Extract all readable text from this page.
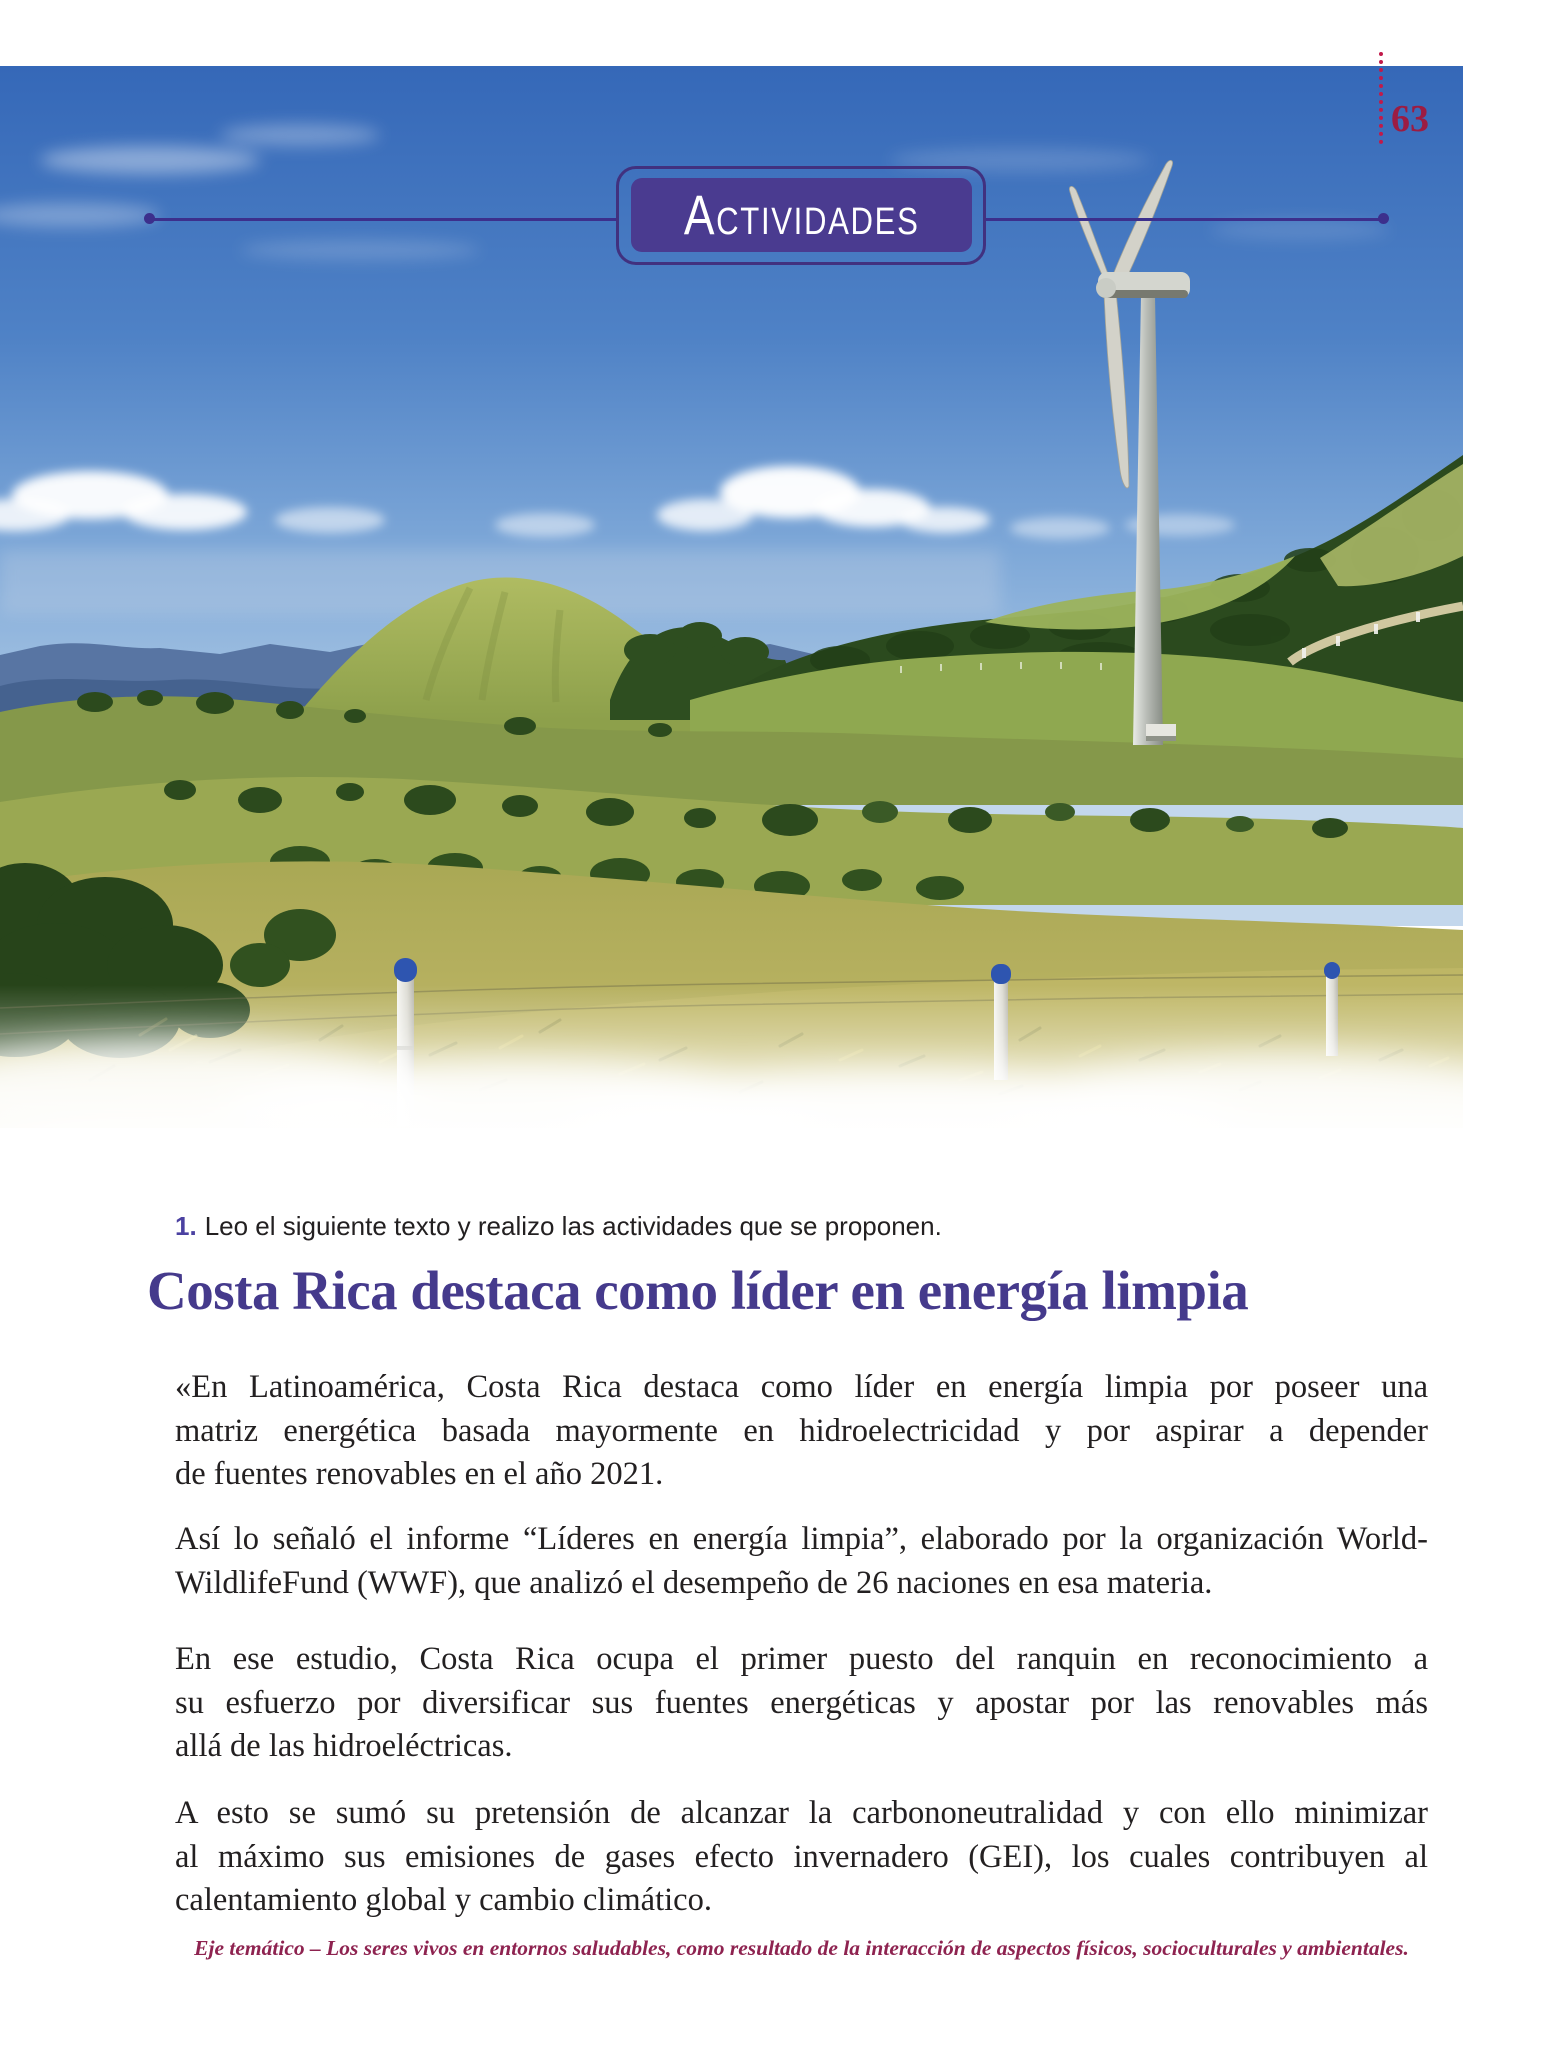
ACTIVIDADES
63
1. Leo el siguiente texto y realizo las actividades que se proponen.
Costa Rica destaca como líder en energía limpia
«En Latinoamérica, Costa Rica destaca como líder en energía limpia por poseer una
matriz energética basada mayormente en hidroelectricidad y por aspirar a depender
de fuentes renovables en el año 2021.
Así lo señaló el informe “Líderes en energía limpia”, elaborado por la organización World-
WildlifeFund (WWF), que analizó el desempeño de 26 naciones en esa materia.
En ese estudio, Costa Rica ocupa el primer puesto del ranquin en reconocimiento a
su esfuerzo por diversificar sus fuentes energéticas y apostar por las renovables más
allá de las hidroeléctricas.
A esto se sumó su pretensión de alcanzar la carbononeutralidad y con ello minimizar
al máximo sus emisiones de gases efecto invernadero (GEI), los cuales contribuyen al
calentamiento global y cambio climático.
Eje temático – Los seres vivos en entornos saludables, como resultado de la interacción de aspectos físicos, socioculturales y ambientales.
